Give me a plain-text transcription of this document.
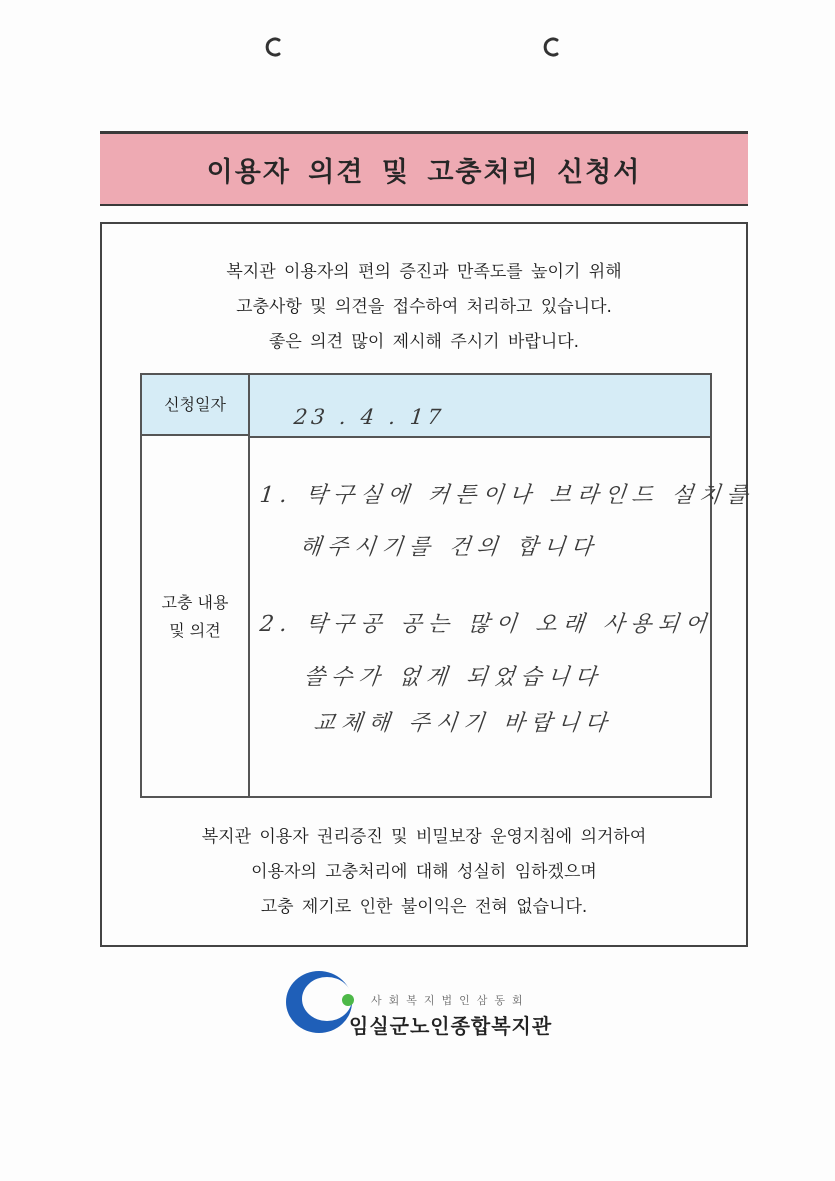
이용자 의견 및 고충처리 신청서
복지관 이용자의 편의 증진과 만족도를 높이기 위해
고충사항 및 의견을 접수하여 처리하고 있습니다.
좋은 의견 많이 제시해 주시기 바랍니다.
신청일자
23 . 4 . 17
고충 내용
및 의견
1. 탁구실에 커튼이나 브라인드 설치를
해주시기를 건의 합니다
2. 탁구공 공는 많이 오래 사용되어
쓸수가 없게 되었습니다
교체해 주시기 바랍니다
복지관 이용자 권리증진 및 비밀보장 운영지침에 의거하여
이용자의 고충처리에 대해 성실히 임하겠으며
고충 제기로 인한 불이익은 전혀 없습니다.
사회복지법인삼동회
임실군노인종합복지관
